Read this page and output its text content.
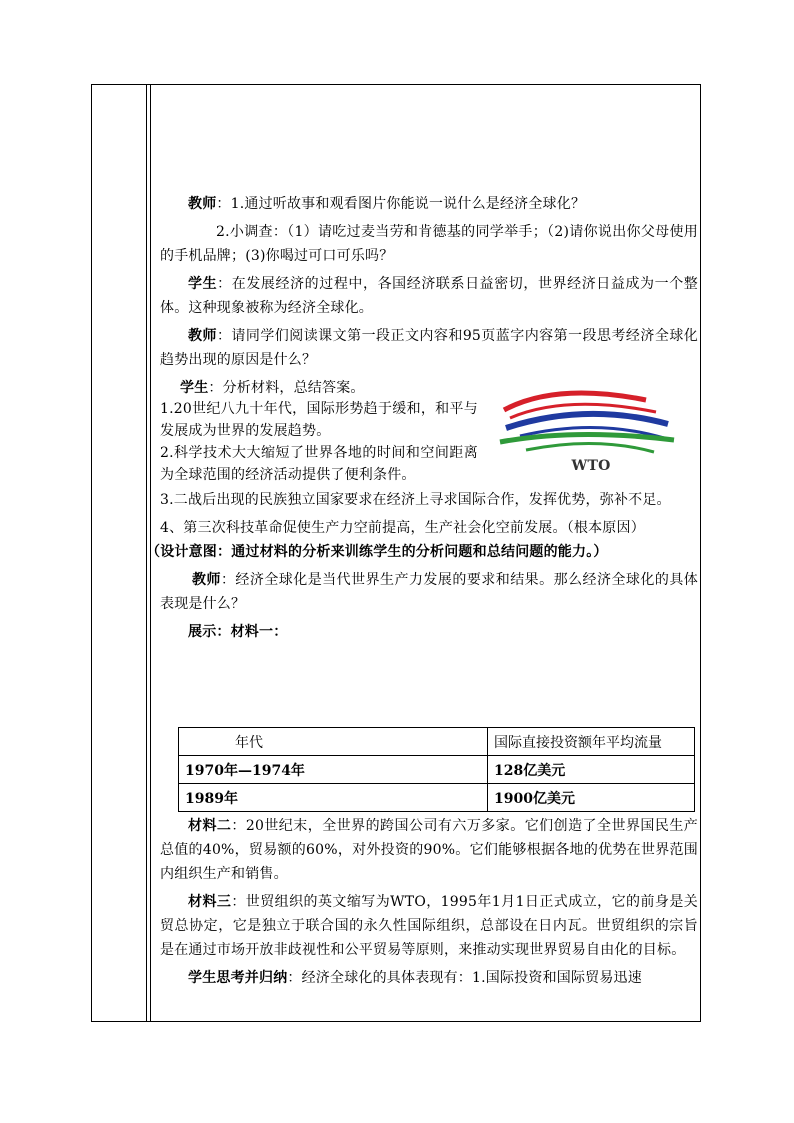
教师：1.通过听故事和观看图片你能说一说什么是经济全球化？

2.小调查：（1）请吃过麦当劳和肯德基的同学举手；（2)请你说出你父母使用的手机品牌；(3)你喝过可口可乐吗？

学生：在发展经济的过程中，各国经济联系日益密切，世界经济日益成为一个整体。这种现象被称为经济全球化。

教师：请同学们阅读课文第一段正文内容和95页蓝字内容第一段思考经济全球化趋势出现的原因是什么？

学生：分析材料，总结答案。

1.20世纪八九十年代，国际形势趋于缓和，和平与发展成为世界的发展趋势。

2.科学技术大大缩短了世界各地的时间和空间距离为全球范围的经济活动提供了便利条件。

WTO

3.二战后出现的民族独立国家要求在经济上寻求国际合作，发挥优势，弥补不足。

4、第三次科技革命促使生产力空前提高，生产社会化空前发展。（根本原因）

（设计意图：通过材料的分析来训练学生的分析问题和总结问题的能力。）

教师：经济全球化是当代世界生产力发展的要求和结果。那么经济全球化的具体表现是什么？

展示：材料一：

年代	国际直接投资额年平均流量
1970年—1974年	128亿美元
1989年	1900亿美元

材料二：20世纪末，全世界的跨国公司有六万多家。它们创造了全世界国民生产总值的40%，贸易额的60%，对外投资的90%。它们能够根据各地的优势在世界范围内组织生产和销售。

材料三：世贸组织的英文缩写为WTO，1995年1月1日正式成立，它的前身是关贸总协定，它是独立于联合国的永久性国际组织，总部设在日内瓦。世贸组织的宗旨是在通过市场开放非歧视性和公平贸易等原则，来推动实现世界贸易自由化的目标。

学生思考并归纳：经济全球化的具体表现有：1.国际投资和国际贸易迅速
